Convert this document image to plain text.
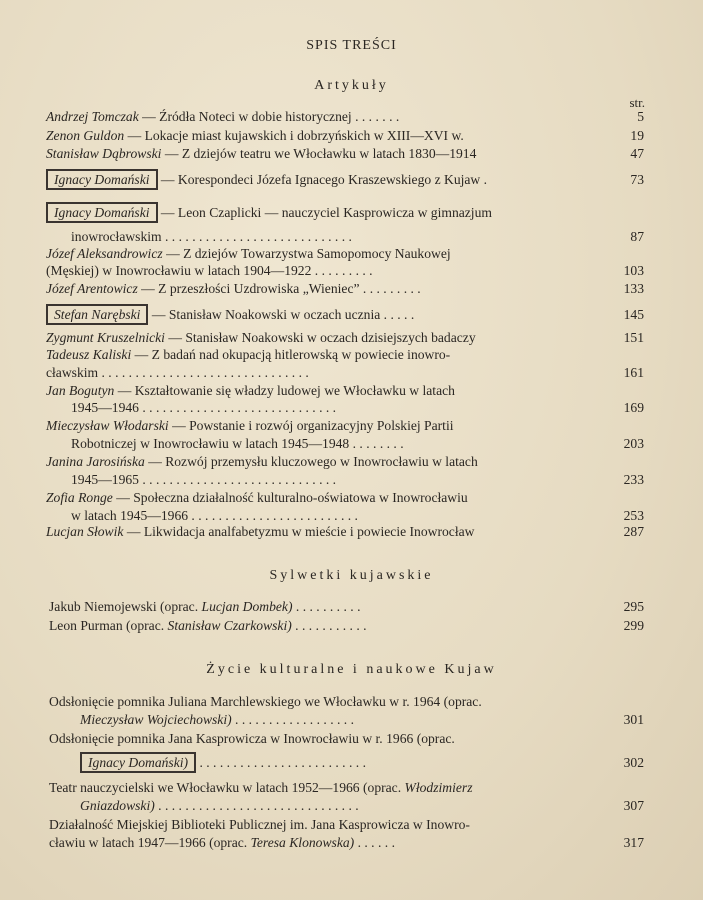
SPIS TREŚCI
Artykuły
str.
Andrzej Tomczak — Źródła Noteci w dobie historycznej . . . . . . .	5
Zenon Guldon — Lokacje miast kujawskich i dobrzyńskich w XIII—XVI w.	19
Stanisław Dąbrowski — Z dziejów teatru we Włocławku w latach 1830—1914	47
Ignacy Domański — Korespondeci Józefa Ignacego Kraszewskiego z Kujaw .	73
Ignacy Domański — Leon Czaplicki — nauczyciel Kasprowicza w gimnazjum
inowrocławskim . . . . . . . . . . . . . . . . . . . . . . . . . . . .	87
Józef Aleksandrowicz — Z dziejów Towarzystwa Samopomocy Naukowej
(Męskiej) w Inowrocławiu w latach 1904—1922 . . . . . . . . .	103
Józef Arentowicz — Z przeszłości Uzdrowiska „Wieniec” . . . . . . . . .	133
Stefan Narębski — Stanisław Noakowski w oczach ucznia . . . . .	145
Zygmunt Kruszelnicki — Stanisław Noakowski w oczach dzisiejszych badaczy	151
Tadeusz Kaliski — Z badań nad okupacją hitlerowską w powiecie inowro-
cławskim . . . . . . . . . . . . . . . . . . . . . . . . . . . . . . .	161
Jan Bogutyn — Kształtowanie się władzy ludowej we Włocławku w latach
1945—1946 . . . . . . . . . . . . . . . . . . . . . . . . . . . . .	169
Mieczysław Włodarski — Powstanie i rozwój organizacyjny Polskiej Partii
Robotniczej w Inowrocławiu w latach 1945—1948 . . . . . . . .	203
Janina Jarosińska — Rozwój przemysłu kluczowego w Inowrocławiu w latach
1945—1965 . . . . . . . . . . . . . . . . . . . . . . . . . . . . .	233
Zofia Ronge — Społeczna działalność kulturalno-oświatowa w Inowrocławiu
w latach 1945—1966 . . . . . . . . . . . . . . . . . . . . . . . . .	253
Lucjan Słowik — Likwidacja analfabetyzmu w mieście i powiecie Inowrocław	287
Sylwetki kujawskie
Jakub Niemojewski (oprac. Lucjan Dombek) . . . . . . . . . .	295
Leon Purman (oprac. Stanisław Czarkowski) . . . . . . . . . . .	299
Życie kulturalne i naukowe Kujaw
Odsłonięcie pomnika Juliana Marchlewskiego we Włocławku w r. 1964 (oprac.
Mieczysław Wojciechowski) . . . . . . . . . . . . . . . . . .	301
Odsłonięcie pomnika Jana Kasprowicza w Inowrocławiu w r. 1966 (oprac.
Ignacy Domański) . . . . . . . . . . . . . . . . . . . . . . . . .	302
Teatr nauczycielski we Włocławku w latach 1952—1966 (oprac. Włodzimierz
Gniazdowski) . . . . . . . . . . . . . . . . . . . . . . . . . . . . . .	307
Działalność Miejskiej Biblioteki Publicznej im. Jana Kasprowicza w Inowro-
cławiu w latach 1947—1966 (oprac. Teresa Klonowska) . . . . . .	317
